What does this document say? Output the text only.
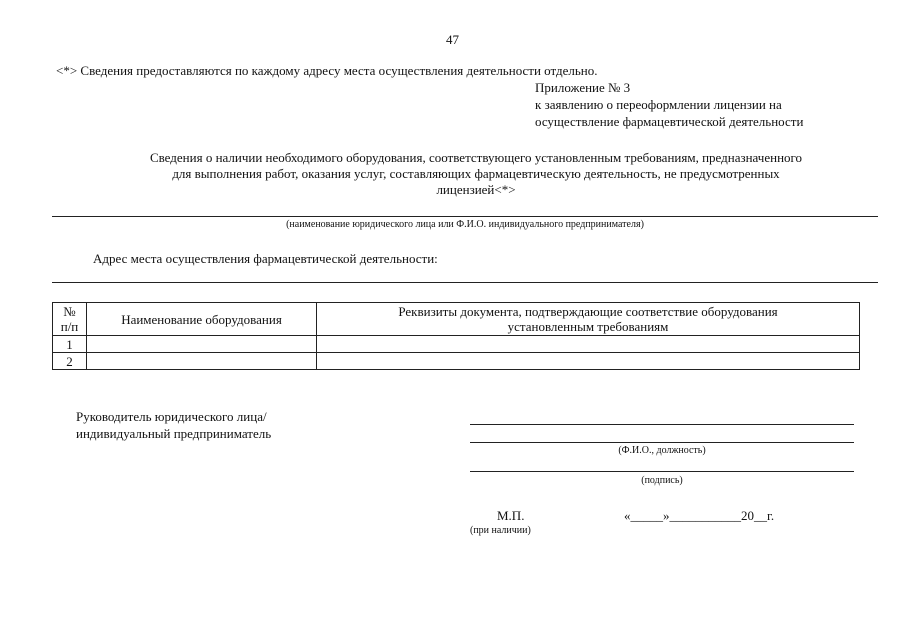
47
<*> Сведения предоставляются по каждому адресу места осуществления деятельности отдельно.
Приложение № 3
к заявлению о переоформлении лицензии на
осуществление фармацевтической деятельности
Сведения о наличии необходимого оборудования, соответствующего установленным требованиям, предназначенного
для выполнения работ, оказания услуг, составляющих фармацевтическую деятельность, не предусмотренных
лицензией<*>
(наименование юридического лица или Ф.И.О. индивидуального предпринимателя)
Адрес места осуществления фармацевтической деятельности:
№
п/п	Наименование оборудования	Реквизиты документа, подтверждающие соответствие оборудования
установленным требованиям
1		
2		
Руководитель юридического лица/
индивидуальный предприниматель
(Ф.И.О., должность)
(подпись)
М.П.
(при наличии)
«_____»___________20__г.
